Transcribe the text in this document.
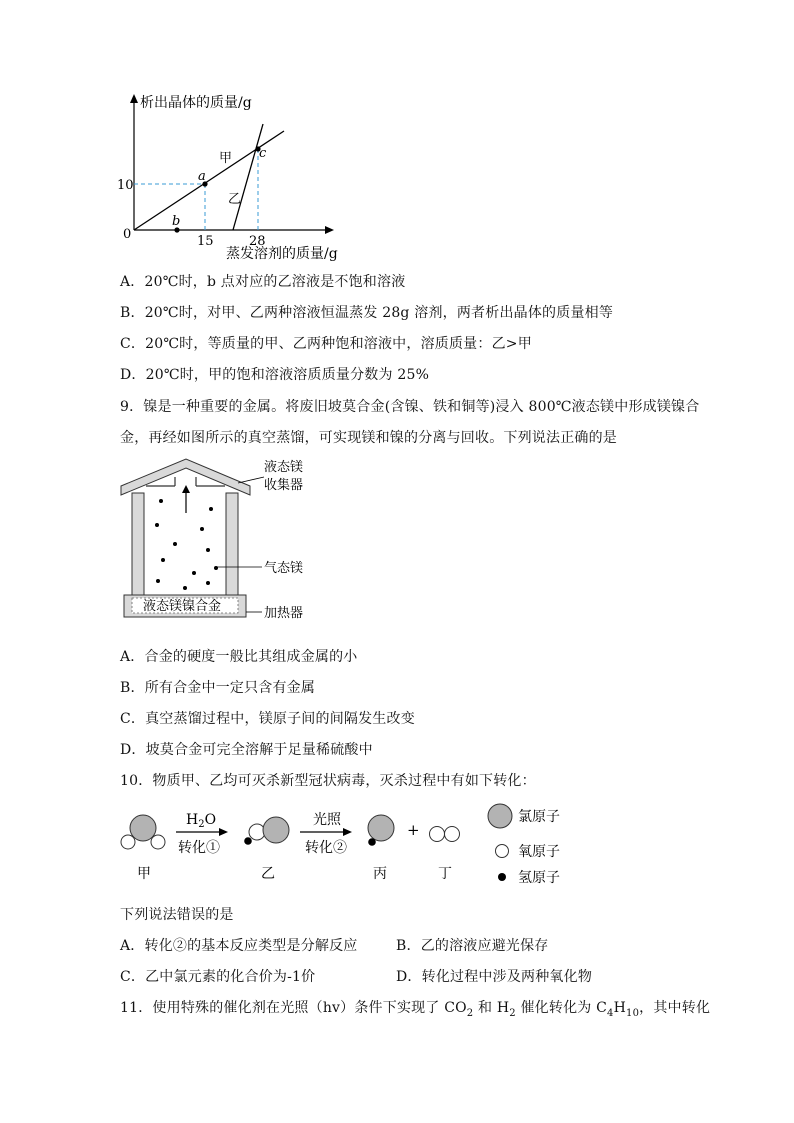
析出晶体的质量/g
蒸发溶剂的质量/g
0
10
15	28
甲
乙
a
b
c
A．20℃时，b 点对应的乙溶液是不饱和溶液
B．20℃时，对甲、乙两种溶液恒温蒸发 28g 溶剂，两者析出晶体的质量相等
C．20℃时，等质量的甲、乙两种饱和溶液中，溶质质量：乙>甲
D．20℃时，甲的饱和溶液溶质质量分数为 25%
9．镍是一种重要的金属。将废旧坡莫合金(含镍、铁和铜等)浸入 800℃液态镁中形成镁镍合
金，再经如图所示的真空蒸馏，可实现镁和镍的分离与回收。下列说法正确的是
液态镁镍合金
液态镁
收集器
气态镁
加热器
A．合金的硬度一般比其组成金属的小
B．所有合金中一定只含有金属
C．真空蒸馏过程中，镁原子间的间隔发生改变
D．坡莫合金可完全溶解于足量稀硫酸中
10．物质甲、乙均可灭杀新型冠状病毒，灭杀过程中有如下转化：
$H_2O$
转化①
光照
转化②
+
甲	乙	丙	丁
氯原子
氧原子
氢原子
下列说法错误的是
A．转化②的基本反应类型是分解反应	B．乙的溶液应避光保存
C．乙中氯元素的化合价为-1价	D．转化过程中涉及两种氧化物
11．使用特殊的催化剂在光照（hv）条件下实现了 $CO_2$ 和 $H_2$ 催化转化为 $C_4H_{10}$，其中转化
